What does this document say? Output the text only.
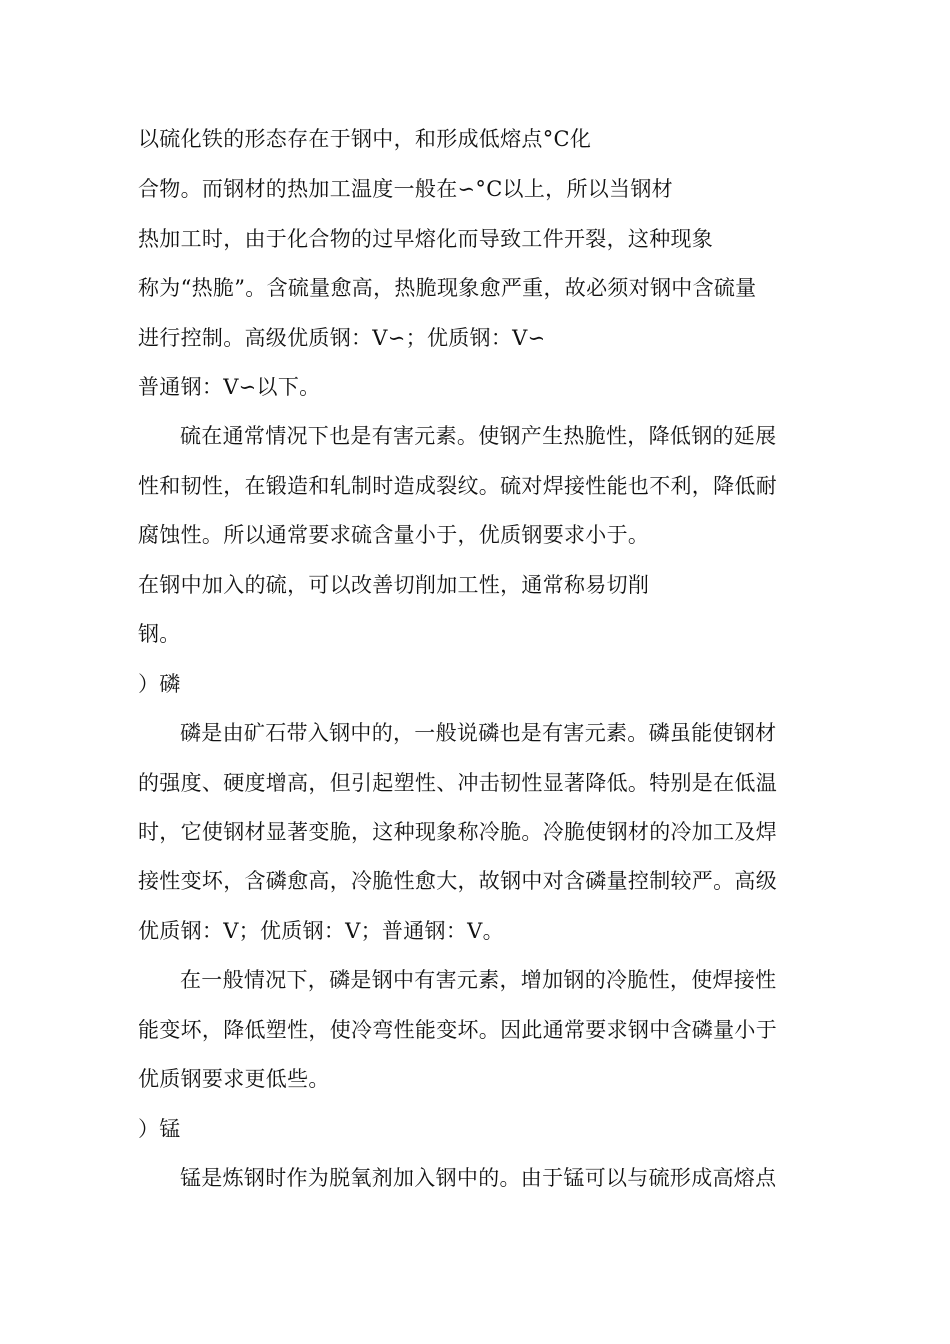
以硫化铁的形态存在于钢中，和形成低熔点°C化
合物。而钢材的热加工温度一般在∽°C以上，所以当钢材
热加工时，由于化合物的过早熔化而导致工件开裂，这种现象
称为“热脆”。含硫量愈高，热脆现象愈严重，故必须对钢中含硫量
进行控制。高级优质钢：V∽；优质钢：V∽
普通钢：V∽以下。
硫在通常情况下也是有害元素。使钢产生热脆性，降低钢的延展
性和韧性，在锻造和轧制时造成裂纹。硫对焊接性能也不利，降低耐
腐蚀性。所以通常要求硫含量小于，优质钢要求小于。
在钢中加入的硫，可以改善切削加工性，通常称易切削
钢。
）磷
磷是由矿石带入钢中的，一般说磷也是有害元素。磷虽能使钢材
的强度、硬度增高，但引起塑性、冲击韧性显著降低。特别是在低温
时，它使钢材显著变脆，这种现象称冷脆。冷脆使钢材的冷加工及焊
接性变坏，含磷愈高，冷脆性愈大，故钢中对含磷量控制较严。高级
优质钢：V；优质钢：V；普通钢：V。
在一般情况下，磷是钢中有害元素，增加钢的冷脆性，使焊接性
能变坏，降低塑性，使冷弯性能变坏。因此通常要求钢中含磷量小于
优质钢要求更低些。
）锰
锰是炼钢时作为脱氧剂加入钢中的。由于锰可以与硫形成高熔点
